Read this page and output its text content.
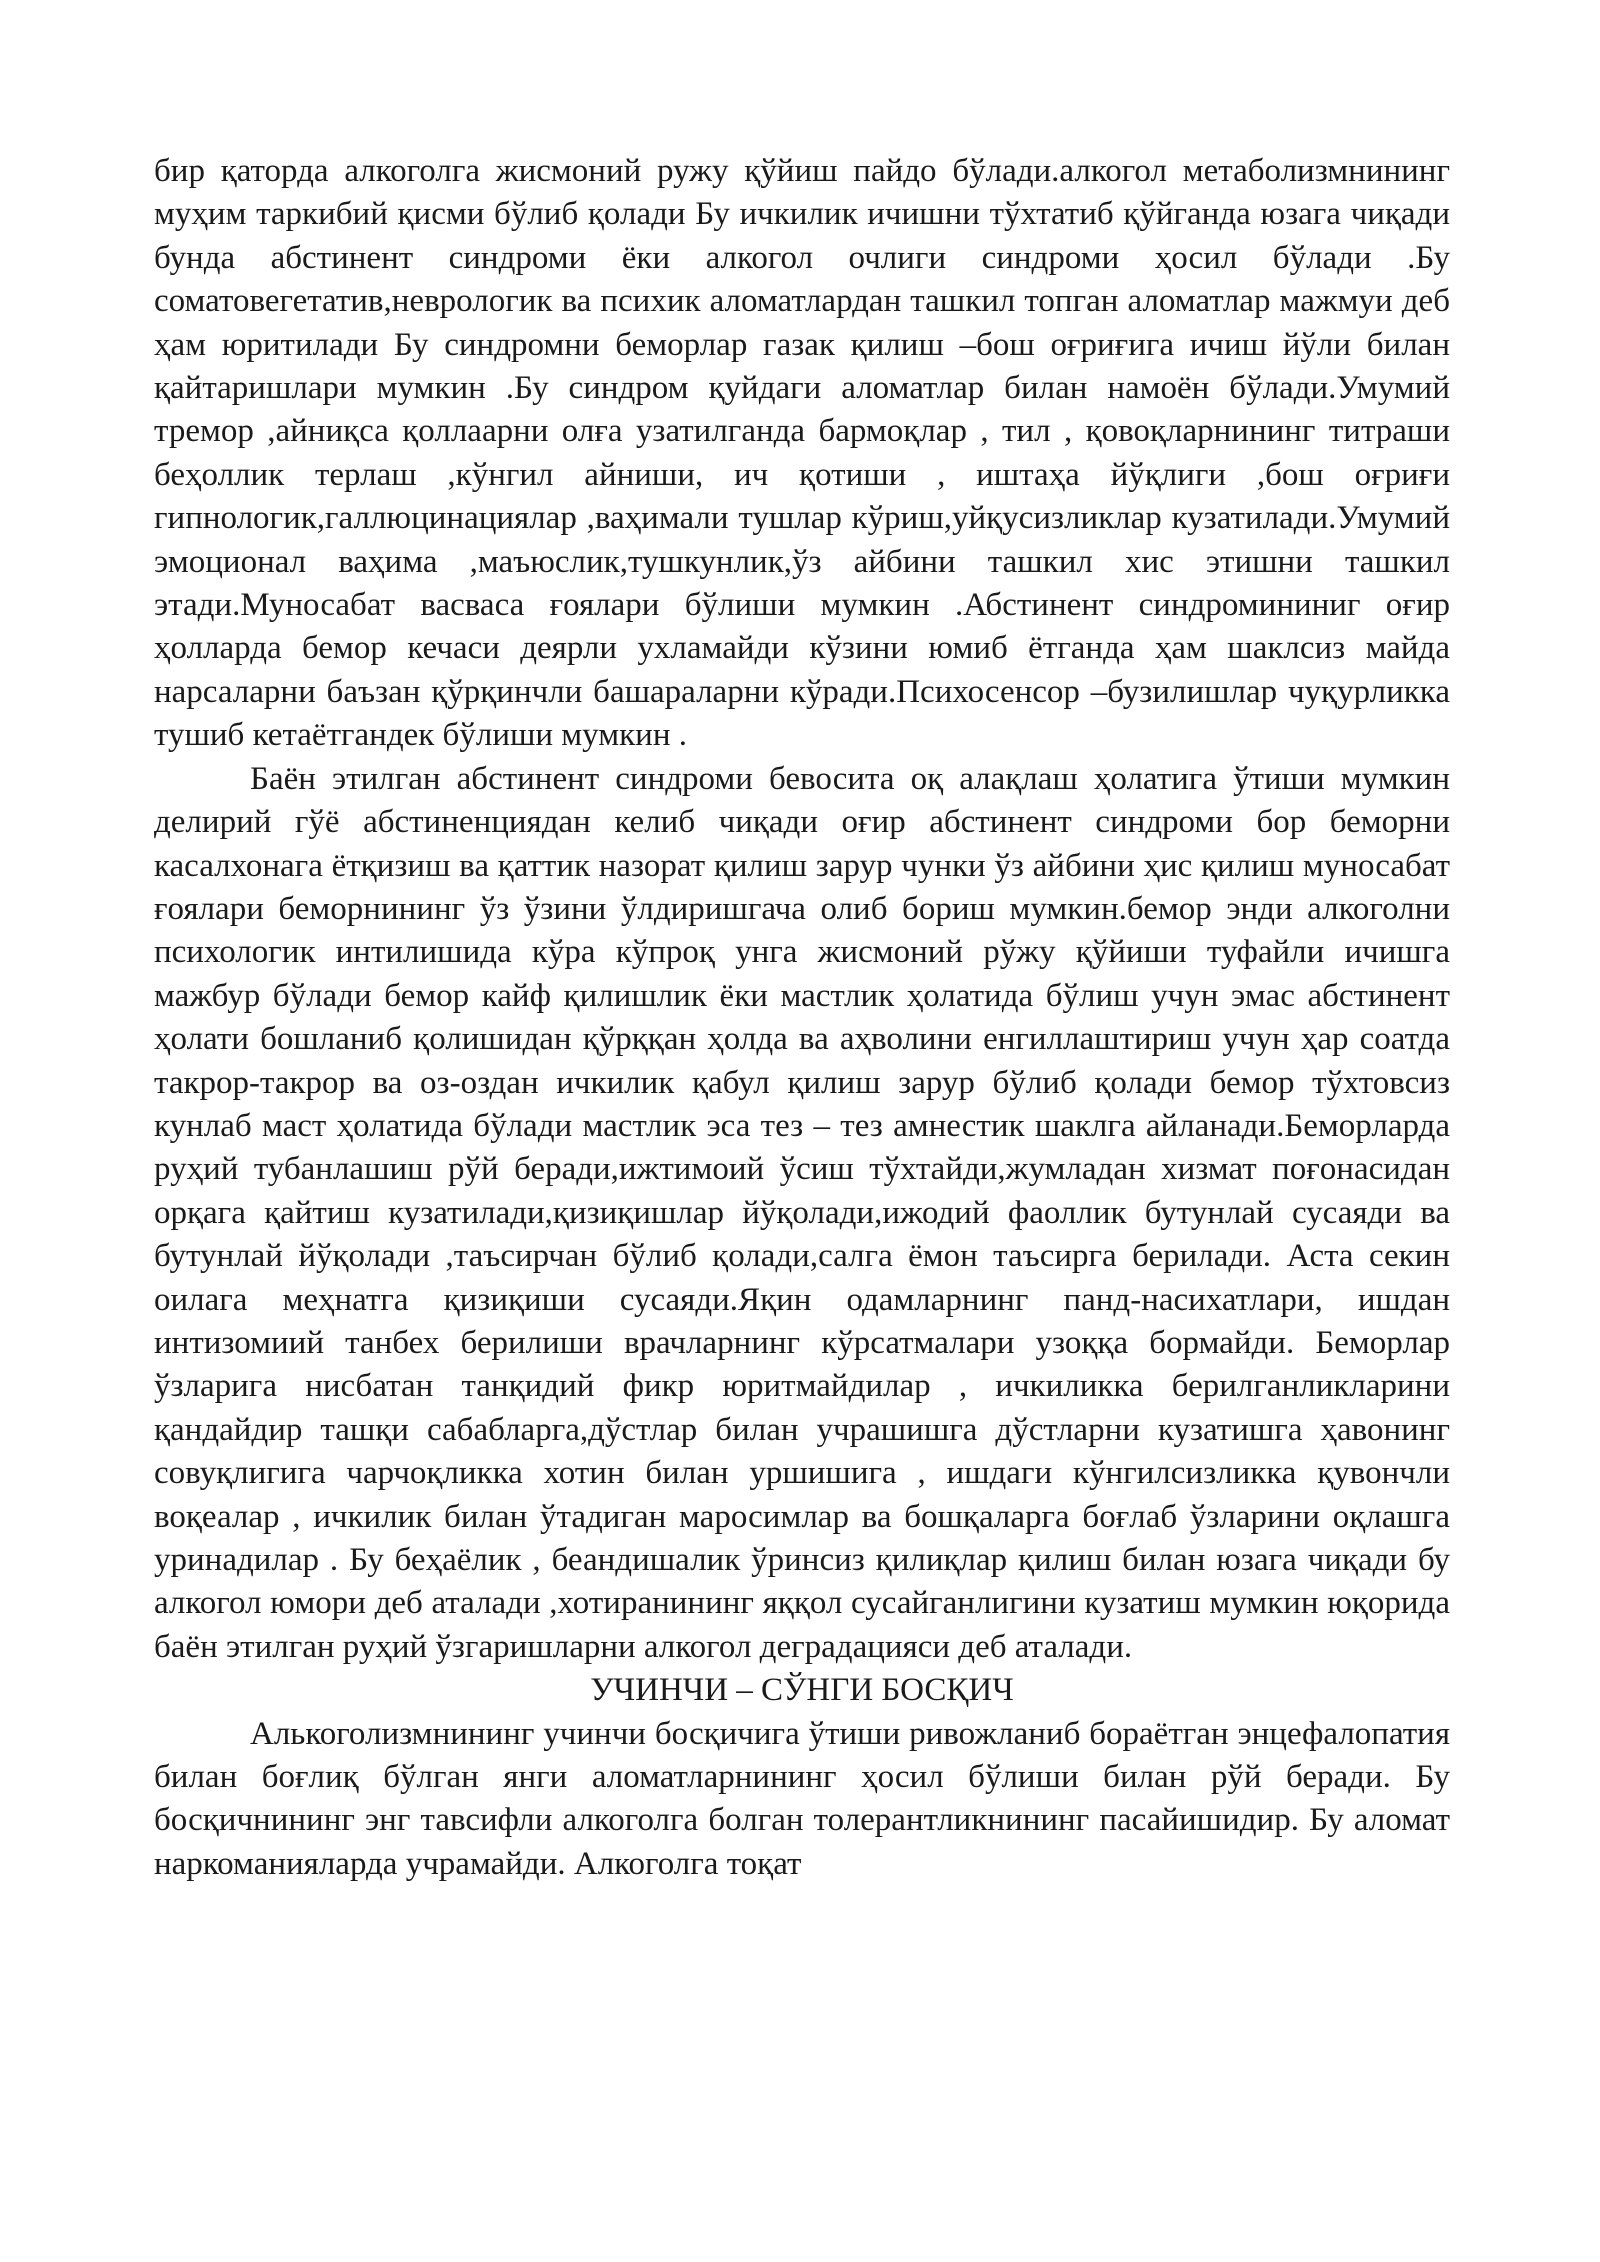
бир қаторда алкоголга жисмоний ружу қўйиш пайдо бўлади.алкогол метаболизмнининг муҳим таркибий қисми бўлиб қолади Бу ичкилик ичишни тўхтатиб қўйганда юзага чиқади бунда абстинент синдроми ёки алкогол очлиги синдроми ҳосил бўлади .Бу соматовегетатив,неврологик ва психик аломатлардан ташкил топган аломатлар мажмуи деб ҳам юритилади Бу синдромни беморлар газак қилиш –бош оғриғига ичиш йўли билан қайтаришлари мумкин .Бу синдром қуйдаги аломатлар билан намоён бўлади.Умумий тремор ,айниқса қоллаарни олға узатилганда бармоқлар , тил , қовоқларнининг титраши беҳоллик терлаш ,кўнгил айниши, ич қотиши , иштаҳа йўқлиги ,бош оғриғи гипнологик,галлюцинациялар ,ваҳимали тушлар кўриш,уйқусизликлар кузатилади.Умумий эмоционал ваҳима ,маъюслик,тушкунлик,ўз айбини ташкил хис этишни ташкил этади.Муносабат васваса ғоялари бўлиши мумкин .Абстинент синдромининиг оғир ҳолларда бемор кечаси деярли ухламайди кўзини юмиб ётганда ҳам шаклсиз майда нарсаларни баъзан қўрқинчли башараларни кўради.Психосенсор –бузилишлар чуқурликка тушиб кетаётгандек бўлиши мумкин .

Баён этилган абстинент синдроми бевосита оқ алақлаш ҳолатига ўтиши мумкин делирий гўё абстиненциядан келиб чиқади оғир абстинент синдроми бор беморни касалхонага ётқизиш ва қаттик назорат қилиш зарур чунки ўз айбини ҳис қилиш муносабат ғоялари беморнининг ўз ўзини ўлдиришгача олиб бориш мумкин.бемор энди алкоголни психологик интилишида кўра кўпроқ унга жисмоний рўжу қўйиши туфайли ичишга мажбур бўлади бемор кайф қилишлик ёки мастлик ҳолатида бўлиш учун эмас абстинент ҳолати бошланиб қолишидан қўрққан ҳолда ва аҳволини енгиллаштириш учун ҳар соатда такрор-такрор ва оз-оздан ичкилик қабул қилиш зарур бўлиб қолади бемор тўхтовсиз кунлаб маст ҳолатида бўлади мастлик эса тез – тез амнестик шаклга айланади.Беморларда руҳий тубанлашиш рўй беради,ижтимоий ўсиш тўхтайди,жумладан хизмат поғонасидан орқага қайтиш кузатилади,қизиқишлар йўқолади,ижодий фаоллик бутунлай сусаяди ва бутунлай йўқолади ,таъсирчан бўлиб қолади,салга ёмон таъсирга берилади. Аста секин оилага меҳнатга қизиқиши сусаяди.Яқин одамларнинг панд-насихатлари, ишдан интизомиий танбех берилиши врачларнинг кўрсатмалари узоққа бормайди. Беморлар ўзларига нисбатан танқидий фикр юритмайдилар , ичкиликка берилганликларини қандайдир ташқи сабабларга,дўстлар билан учрашишга дўстларни кузатишга ҳавонинг совуқлигига чарчоқликка хотин билан уршишига , ишдаги кўнгилсизликка қувончли воқеалар , ичкилик билан ўтадиган маросимлар ва бошқаларга боғлаб ўзларини оқлашга уринадилар . Бу беҳаёлик , беандишалик ўринсиз қилиқлар қилиш билан юзага чиқади бу алкогол юмори деб аталади ,хотиранининг яққол сусайганлигини кузатиш мумкин юқорида баён этилган руҳий ўзгаришларни алкогол деградацияси деб аталади.

УЧИНЧИ – СЎНГИ БОСҚИЧ

Алькоголизмнининг учинчи босқичига ўтиши ривожланиб бораётган энцефалопатия билан боғлиқ бўлган янги аломатларнининг ҳосил бўлиши билан рўй беради. Бу босқичнининг энг тавсифли алкоголга болган толерантликнининг пасайишидир. Бу аломат наркоманияларда учрамайди. Алкоголга тоқат
